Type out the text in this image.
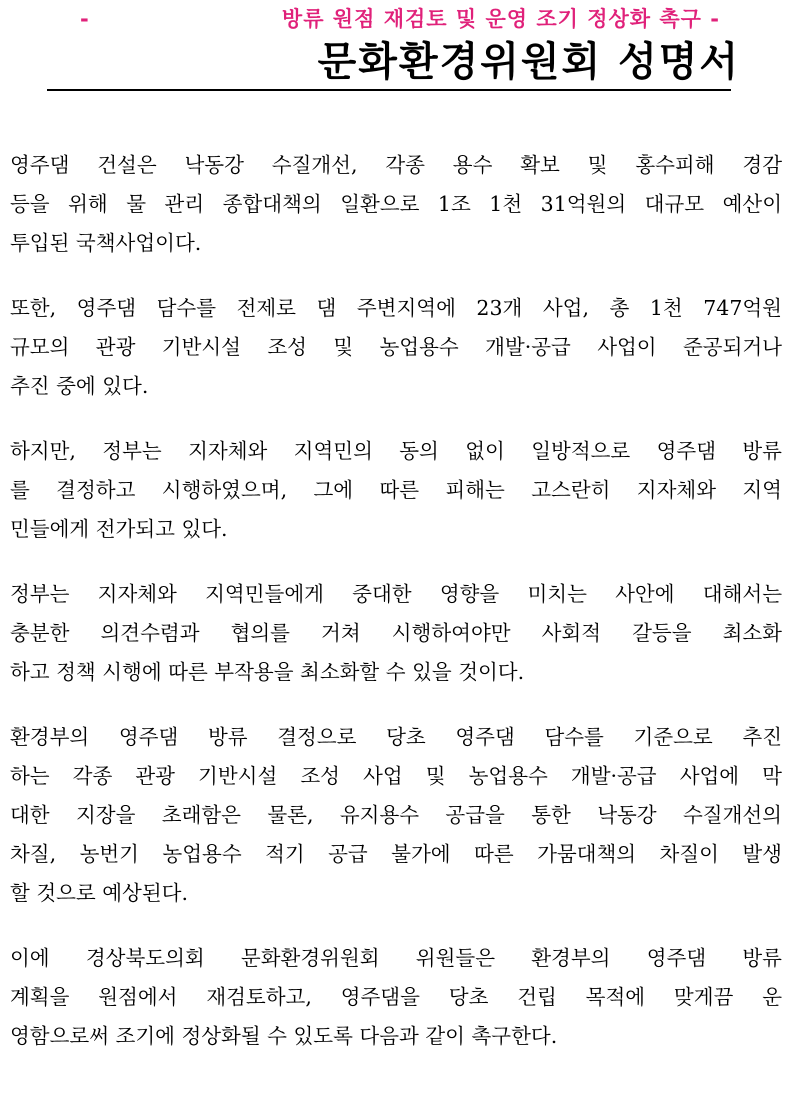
-	방류 원점 재검토 및 운영 조기 정상화 촉구 -
문화환경위원회 성명서
영주댐 건설은 낙동강 수질개선, 각종 용수 확보 및 홍수피해 경감
등을 위해 물 관리 종합대책의 일환으로 1조 1천 31억원의 대규모 예산이
투입된 국책사업이다.
또한, 영주댐 담수를 전제로 댐 주변지역에 23개 사업, 총 1천 747억원
규모의 관광 기반시설 조성 및 농업용수 개발·공급 사업이 준공되거나
추진 중에 있다.
하지만, 정부는 지자체와 지역민의 동의 없이 일방적으로 영주댐 방류
를 결정하고 시행하였으며, 그에 따른 피해는 고스란히 지자체와 지역
민들에게 전가되고 있다.
정부는 지자체와 지역민들에게 중대한 영향을 미치는 사안에 대해서는
충분한 의견수렴과 협의를 거쳐 시행하여야만 사회적 갈등을 최소화
하고 정책 시행에 따른 부작용을 최소화할 수 있을 것이다.
환경부의 영주댐 방류 결정으로 당초 영주댐 담수를 기준으로 추진
하는 각종 관광 기반시설 조성 사업 및 농업용수 개발·공급 사업에 막
대한 지장을 초래함은 물론, 유지용수 공급을 통한 낙동강 수질개선의
차질, 농번기 농업용수 적기 공급 불가에 따른 가뭄대책의 차질이 발생
할 것으로 예상된다.
이에 경상북도의회 문화환경위원회 위원들은 환경부의 영주댐 방류
계획을 원점에서 재검토하고, 영주댐을 당초 건립 목적에 맞게끔 운
영함으로써 조기에 정상화될 수 있도록 다음과 같이 촉구한다.
